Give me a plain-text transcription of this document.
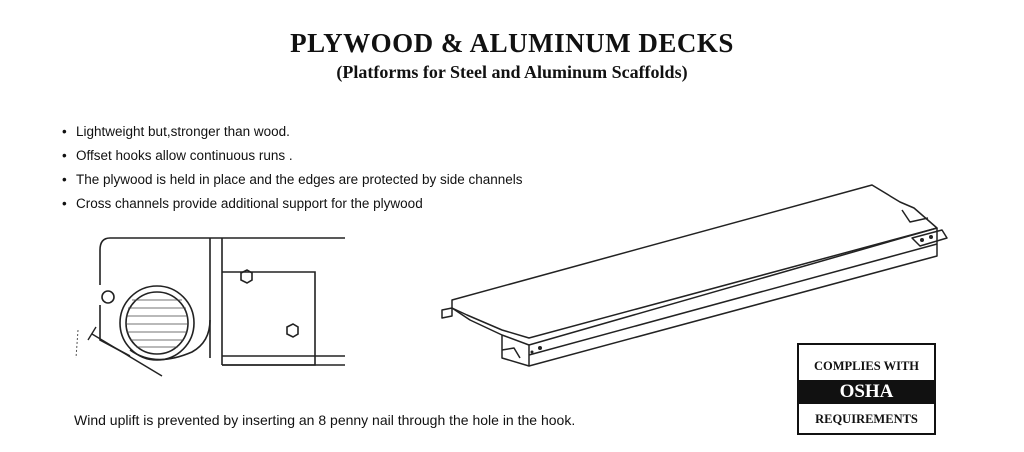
PLYWOOD & ALUMINUM DECKS
(Platforms for Steel and Aluminum Scaffolds)
• Lightweight but,stronger than wood.
• Offset hooks allow continuous runs .
• The plywood is held in place and the edges are protected by side channels
• Cross channels provide additional support for the plywood

Wind uplift is prevented by inserting an 8 penny nail through the hole in the hook.

COMPLIES WITH
OSHA
REQUIREMENTS
